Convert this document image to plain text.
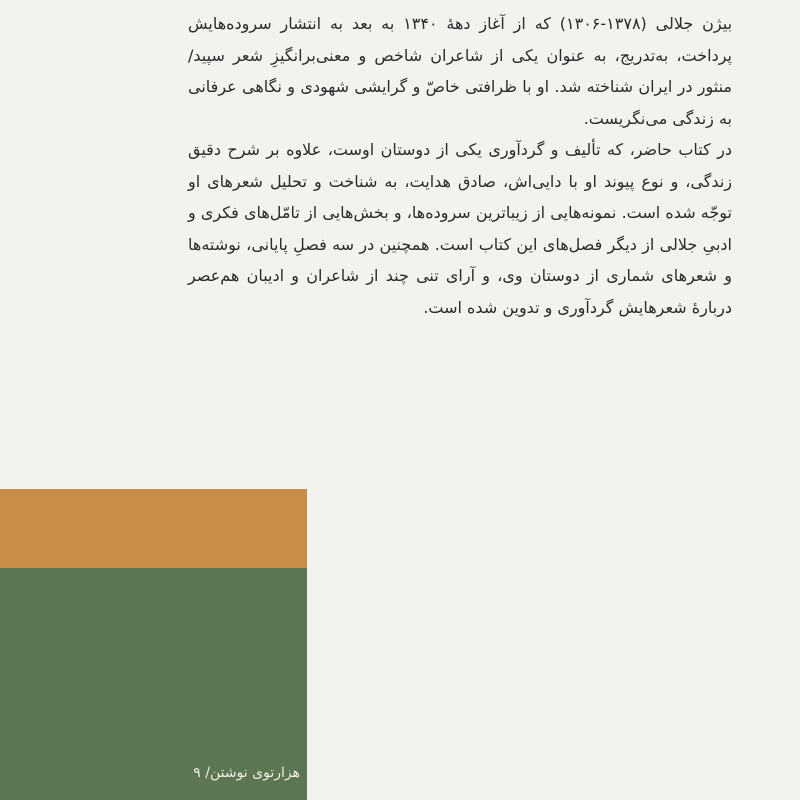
بیژن جلالی (۱۳۷۸-۱۳۰۶) که از آغاز دههٔ ۱۳۴۰ به بعد به انتشار سروده‌هایش پرداخت، به‌تدریج، به عنوان یکی از شاعران شاخص و معنی‌برانگیزِ شعر سپید/منثور در ایران شناخته شد. او با ظرافتی خاصّ و گرایشی شهودی و نگاهی عرفانی به زندگی می‌نگریست.

در کتاب حاضر، که تألیف و گردآوری یکی از دوستان اوست، علاوه بر شرح دقیق زندگی، و نوع پیوند او با دایی‌اش، صادق هدایت، به شناخت و تحلیل شعرهای او توجّه شده است. نمونه‌هایی از زیباترین سروده‌ها، و بخش‌هایی از تامّل‌های فکری و ادبیِ جلالی از دیگر فصل‌های این کتاب است. همچنین در سه فصلِ پایانی، نوشته‌ها و شعرهای شماری از دوستان وی، و آرای تنی چند از شاعران و ادیبان هم‌عصر دربارهٔ شعرهایش گردآوری و تدوین شده است.

هزارتوی نوشتن/ ۹
